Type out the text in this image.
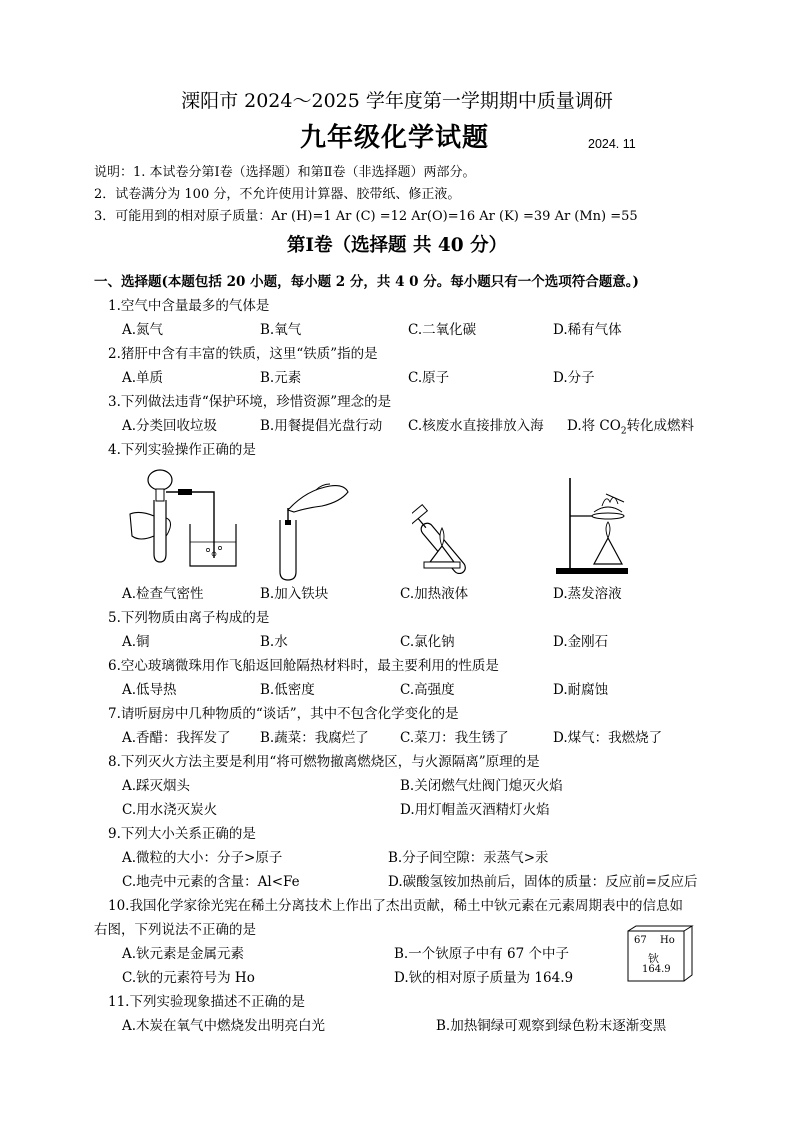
溧阳市 2024～2025 学年度第一学期期中质量调研
九年级化学试题	2024. 11
说明：1. 本试卷分第Ⅰ卷（选择题）和第Ⅱ卷（非选择题）两部分。
2．试卷满分为 100 分，不允许使用计算器、胶带纸、修正液。
3．可能用到的相对原子质量：Ar (H)=1 Ar (C) =12 Ar(O)=16 Ar (K) =39 Ar (Mn) =55
第Ⅰ卷（选择题 共 40 分）
一、选择题(本题包括 20 小题，每小题 2 分，共 4 0 分。每小题只有一个选项符合题意。)
1.空气中含量最多的气体是
A.氮气	B.氧气	C.二氧化碳	D.稀有气体
2.猪肝中含有丰富的铁质，这里“铁质”指的是
A.单质	B.元素	C.原子	D.分子
3.下列做法违背“保护环境，珍惜资源”理念的是
A.分类回收垃圾	B.用餐提倡光盘行动 C.核废水直接排放入海 D.将 $CO_2$转化成燃料
4.下列实验操作正确的是
A.检查气密性	B.加入铁块	C.加热液体	D.蒸发溶液
5.下列物质由离子构成的是
A.铜	B.水	C.氯化钠	D.金刚石
6.空心玻璃微珠用作飞船返回舱隔热材料时，最主要利用的性质是
A.低导热	B.低密度	C.高强度	D.耐腐蚀
7.请听厨房中几种物质的“谈话”，其中不包含化学变化的是
A.香醋：我挥发了 B.蔬菜：我腐烂了 C.菜刀：我生锈了	D.煤气：我燃烧了
8.下列灭火方法主要是利用“将可燃物撤离燃烧区，与火源隔离”原理的是
A.踩灭烟头	B.关闭燃气灶阀门熄灭火焰
C.用水浇灭炭火	D.用灯帽盖灭酒精灯火焰
9.下列大小关系正确的是
A.微粒的大小：分子>原子	B.分子间空隙：汞蒸气>汞
C.地壳中元素的含量：Al<Fe	D.碳酸氢铵加热前后，固体的质量：反应前=反应后
10.我国化学家徐光宪在稀土分离技术上作出了杰出贡献，稀土中钬元素在元素周期表中的信息如
右图，下列说法不正确的是
A.钬元素是金属元素	B.一个钬原子中有 67 个中子
C.钬的元素符号为 Ho	D.钬的相对原子质量为 164.9
67 Ho
钬
164.9
11.下列实验现象描述不正确的是
A.木炭在氧气中燃烧发出明亮白光	B.加热铜绿可观察到绿色粉末逐渐变黑
